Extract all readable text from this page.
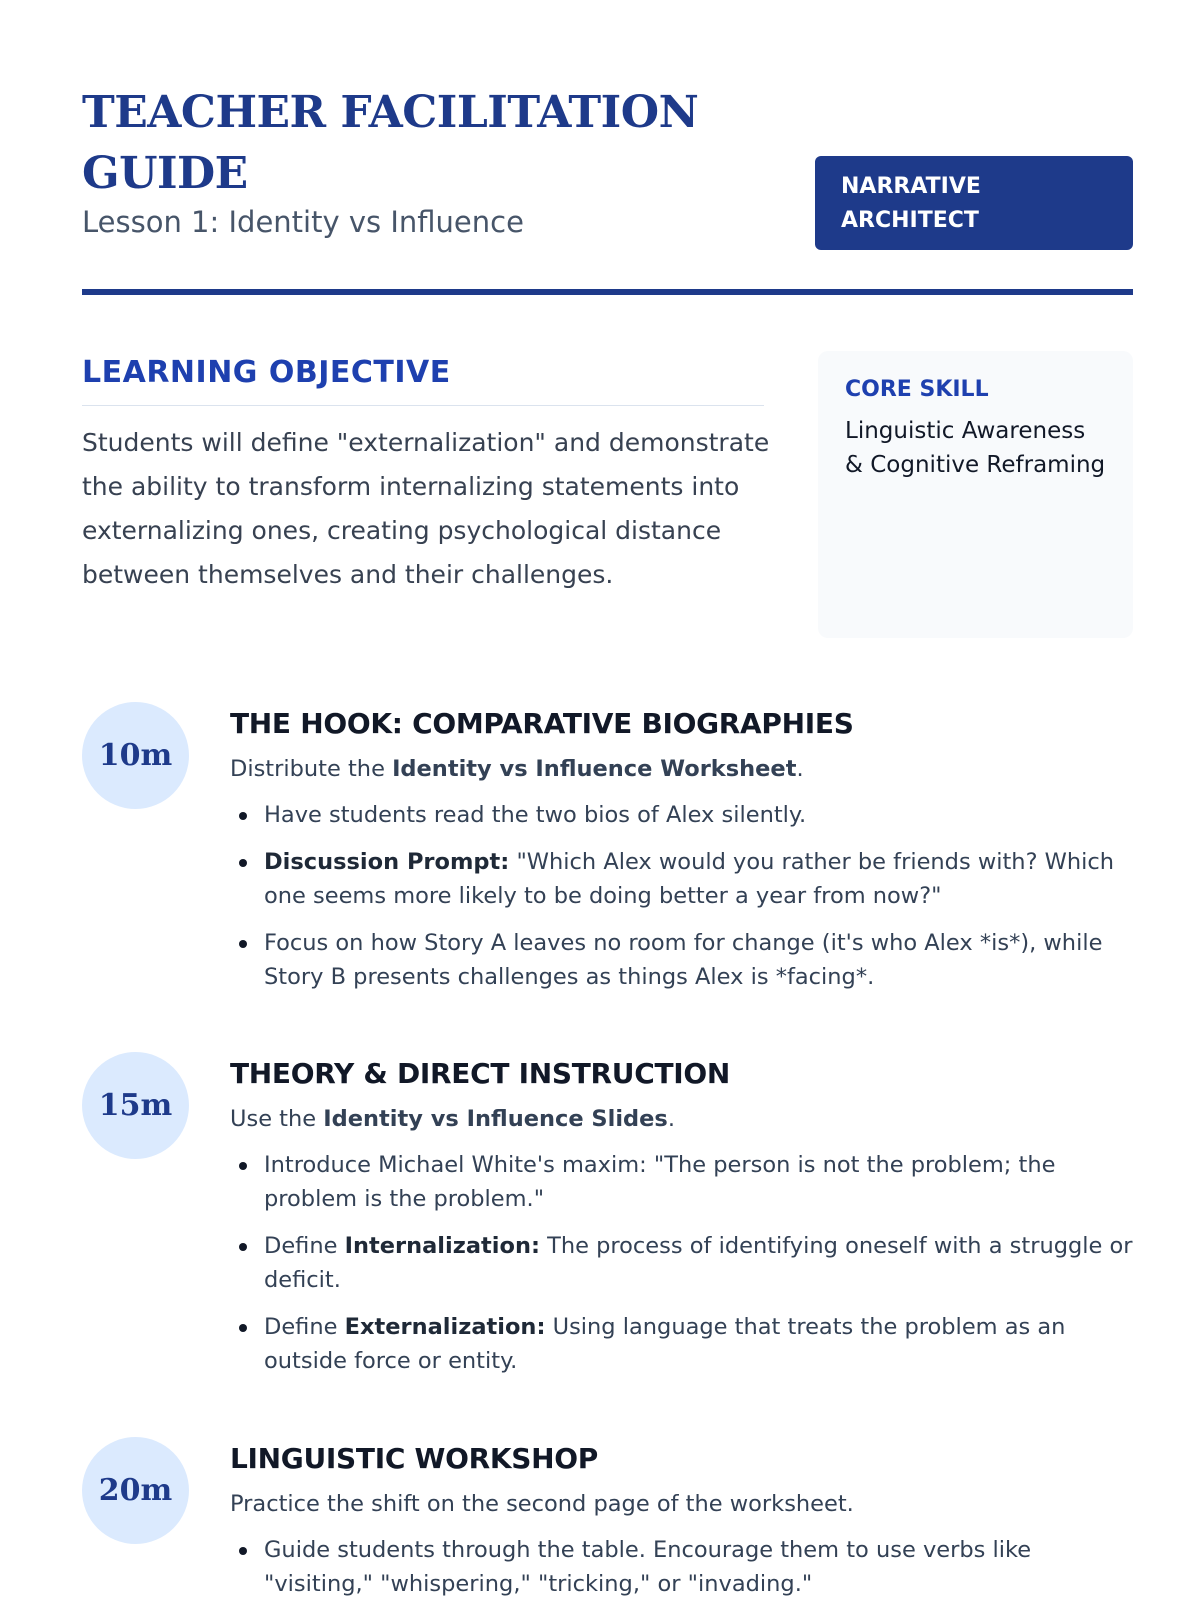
TEACHER FACILITATION GUIDE
Lesson 1: Identity vs Influence
NARRATIVE ARCHITECT
LEARNING OBJECTIVE

Students will define "externalization" and demonstrate the ability to transform internalizing statements into externalizing ones, creating psychological distance between themselves and their challenges.

CORE SKILL

Linguistic Awareness & Cognitive Reframing

10m
THE HOOK: COMPARATIVE BIOGRAPHIES

Distribute the Identity vs Influence Worksheet.

Have students read the two bios of Alex silently.
Discussion Prompt: "Which Alex would you rather be friends with? Which one seems more likely to be doing better a year from now?"
Focus on how Story A leaves no room for change (it's who Alex *is*), while Story B presents challenges as things Alex is *facing*.
15m
THEORY & DIRECT INSTRUCTION

Use the Identity vs Influence Slides.

Introduce Michael White's maxim: "The person is not the problem; the problem is the problem."
Define Internalization: The process of identifying oneself with a struggle or deficit.
Define Externalization: Using language that treats the problem as an outside force or entity.
20m
LINGUISTIC WORKSHOP

Practice the shift on the second page of the worksheet.

Guide students through the table. Encourage them to use verbs like "visiting," "whispering," "tricking," or "invading."
